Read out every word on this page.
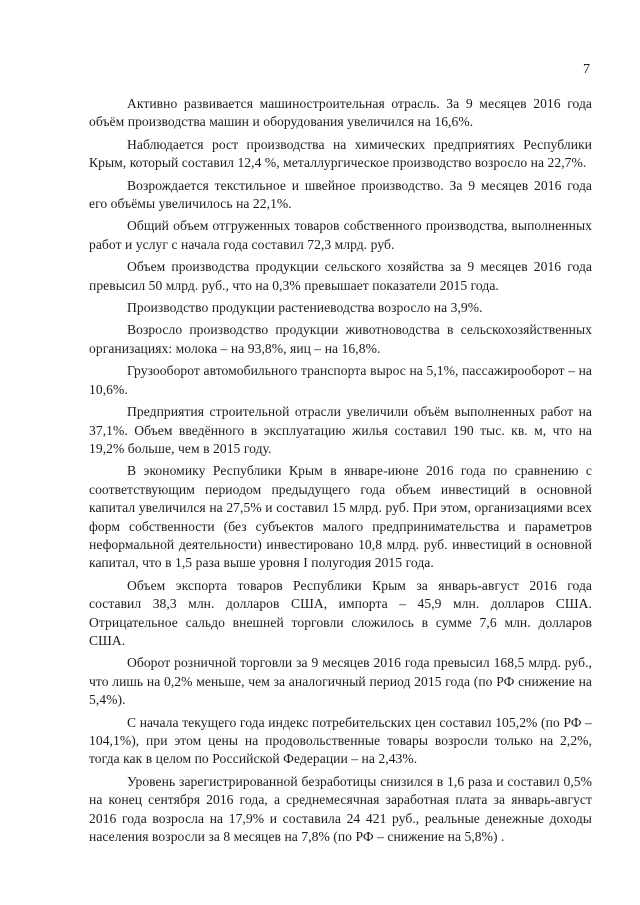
7

Активно развивается машиностроительная отрасль. За 9 месяцев 2016 года объём производства машин и оборудования увеличился на 16,6%.

Наблюдается рост производства на химических предприятиях Республики Крым, который составил 12,4 %, металлургическое производство возросло на 22,7%.

Возрождается текстильное и швейное производство. За 9 месяцев 2016 года его объёмы увеличилось на 22,1%.

Общий объем отгруженных товаров собственного производства, выполненных работ и услуг с начала года составил 72,3 млрд. руб.

Объем производства продукции сельского хозяйства за 9 месяцев 2016 года превысил 50 млрд. руб., что на 0,3% превышает показатели 2015 года.

Производство продукции растениеводства возросло на 3,9%.

Возросло производство продукции животноводства в сельскохозяйственных организациях: молока – на 93,8%, яиц – на 16,8%.

Грузооборот автомобильного транспорта вырос на 5,1%, пассажирооборот – на 10,6%.

Предприятия строительной отрасли увеличили объём выполненных работ на 37,1%. Объем введённого в эксплуатацию жилья составил 190 тыс. кв. м, что на 19,2% больше, чем в 2015 году.

В экономику Республики Крым в январе-июне 2016 года по сравнению с соответствующим периодом предыдущего года объем инвестиций в основной капитал увеличился на 27,5% и составил 15 млрд. руб. При этом, организациями всех форм собственности (без субъектов малого предпринимательства и параметров неформальной деятельности) инвестировано 10,8 млрд. руб. инвестиций в основной капитал, что в 1,5 раза выше уровня I полугодия 2015 года.

Объем экспорта товаров Республики Крым за январь-август 2016 года составил 38,3 млн. долларов США, импорта – 45,9 млн. долларов США. Отрицательное сальдо внешней торговли сложилось в сумме 7,6 млн. долларов США.

Оборот розничной торговли за 9 месяцев 2016 года превысил 168,5 млрд. руб., что лишь на 0,2% меньше, чем за аналогичный период 2015 года (по РФ снижение на 5,4%).

С начала текущего года индекс потребительских цен составил 105,2% (по РФ – 104,1%), при этом цены на продовольственные товары возросли только на 2,2%, тогда как в целом по Российской Федерации – на 2,43%.

Уровень зарегистрированной безработицы снизился в 1,6 раза и составил 0,5% на конец сентября 2016 года, а среднемесячная заработная плата за январь-август 2016 года возросла на 17,9% и составила 24 421 руб., реальные денежные доходы населения возросли за 8 месяцев на 7,8% (по РФ – снижение на 5,8%) .
